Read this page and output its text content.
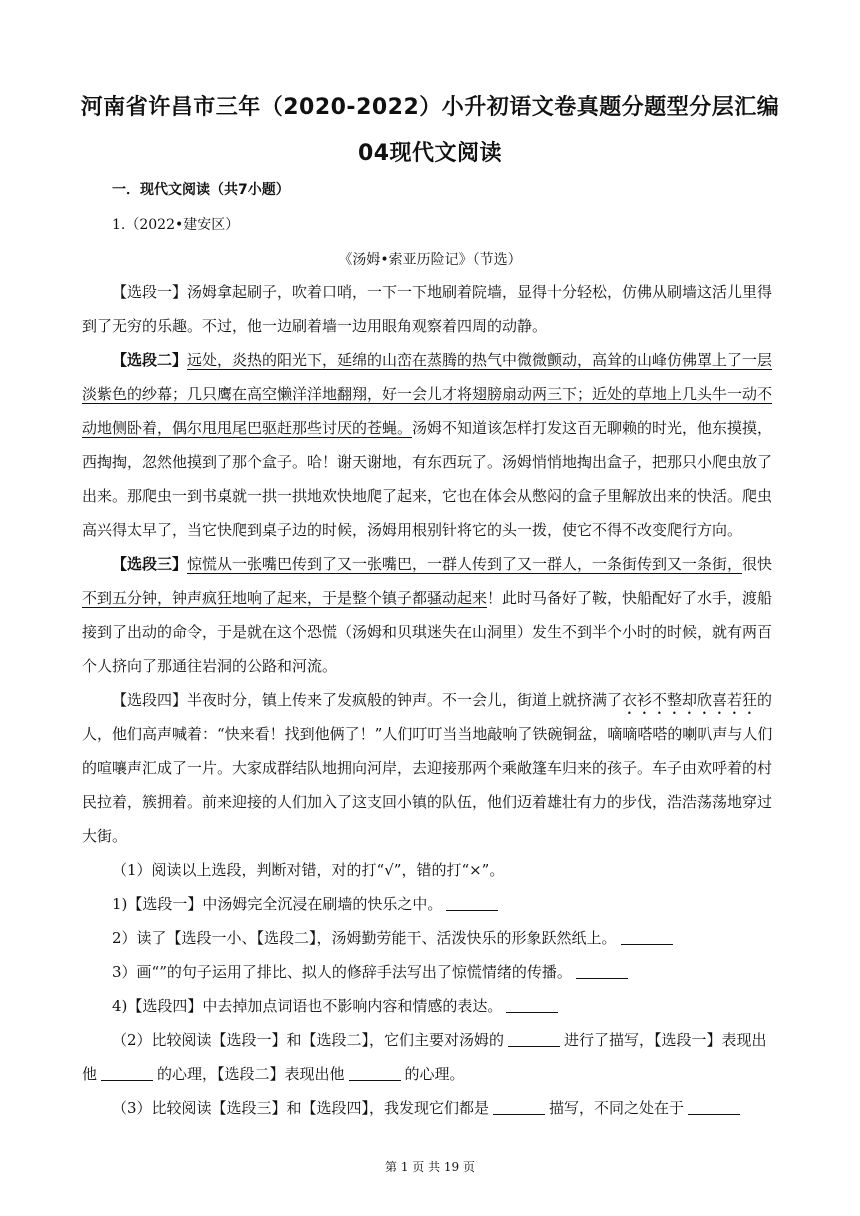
河南省许昌市三年（2020-2022）小升初语文卷真题分题型分层汇编
04现代文阅读
一．现代文阅读（共7小题）
1.（2022•建安区）
《汤姆•索亚历险记》（节选）
【选段一】汤姆拿起刷子，吹着口哨，一下一下地刷着院墙，显得十分轻松，仿佛从刷墙这活儿里得
到了无穷的乐趣。不过，他一边刷着墙一边用眼角观察着四周的动静。
【选段二】远处，炎热的阳光下，延绵的山峦在蒸腾的热气中微微颤动，高耸的山峰仿佛罩上了一层
淡紫色的纱幕；几只鹰在高空懒洋洋地翻翔，好一会儿才将翅膀扇动两三下；近处的草地上几头牛一动不
动地侧卧着，偶尔甩甩尾巴驱赶那些讨厌的苍蝇。汤姆不知道该怎样打发这百无聊赖的时光，他东摸摸，
西掏掏，忽然他摸到了那个盒子。哈！谢天谢地，有东西玩了。汤姆悄悄地掏出盒子，把那只小爬虫放了
出来。那爬虫一到书桌就一拱一拱地欢快地爬了起来，它也在体会从憋闷的盒子里解放出来的快活。爬虫
高兴得太早了，当它快爬到桌子边的时候，汤姆用根别针将它的头一拨，使它不得不改变爬行方向。
【选段三】惊慌从一张嘴巴传到了又一张嘴巴，一群人传到了又一群人，一条街传到又一条街，很快
不到五分钟，钟声疯狂地响了起来，于是整个镇子都骚动起来！此时马备好了鞍，快船配好了水手，渡船
接到了出动的命令，于是就在这个恐慌（汤姆和贝琪迷失在山洞里）发生不到半个小时的时候，就有两百
个人挤向了那通往岩洞的公路和河流。
【选段四】半夜时分，镇上传来了发疯般的钟声。不一会儿，街道上就挤满了衣衫不整却欣喜若狂的
人，他们高声喊着：“快来看！找到他俩了！”人们叮叮当当地敲响了铁碗铜盆，嘀嘀嗒嗒的喇叭声与人们
的喧嚷声汇成了一片。大家成群结队地拥向河岸，去迎接那两个乘敞篷车归来的孩子。车子由欢呼着的村
民拉着，簇拥着。前来迎接的人们加入了这支回小镇的队伍，他们迈着雄壮有力的步伐，浩浩荡荡地穿过
大街。
（1）阅读以上选段，判断对错，对的打“√”，错的打“×”。
1)【选段一】中汤姆完全沉浸在刷墙的快乐之中。
2）读了【选段一小、【选段二】，汤姆勤劳能干、活泼快乐的形象跃然纸上。
3）画“”的句子运用了排比、拟人的修辞手法写出了惊慌情绪的传播。
4)【选段四】中去掉加点词语也不影响内容和情感的表达。
（2）比较阅读【选段一】和【选段二】，它们主要对汤姆的	进行了描写，【选段一】表现出
他	的心理，【选段二】表现出他	的心理。
（3）比较阅读【选段三】和【选段四】，我发现它们都是	描写，不同之处在于
第 1 页 共 19 页
